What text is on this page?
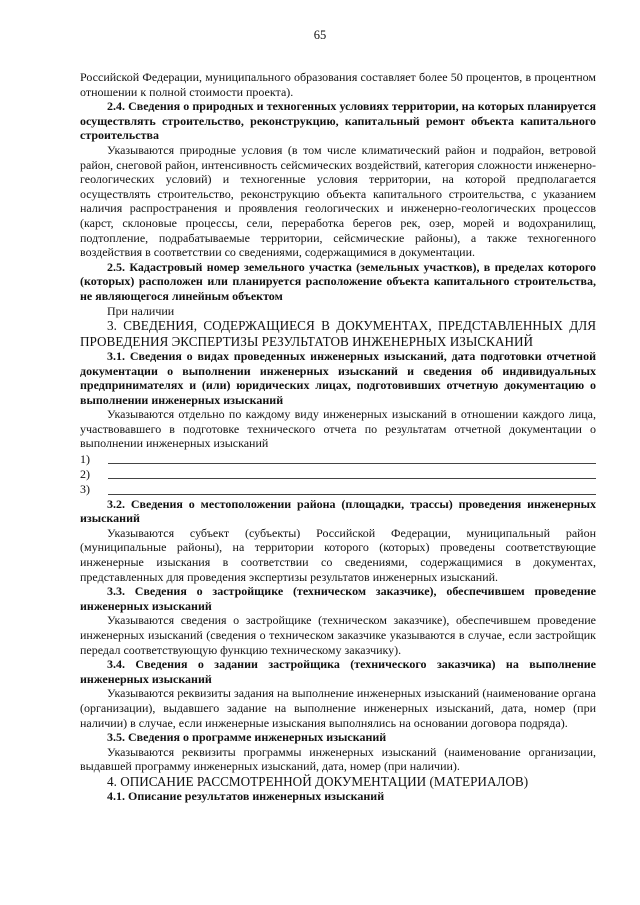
65

Российской Федерации, муниципального образования составляет более 50 процентов, в процентном отношении к полной стоимости проекта).

2.4. Сведения о природных и техногенных условиях территории, на которых планируется осуществлять строительство, реконструкцию, капитальный ремонт объекта капитального строительства

Указываются природные условия (в том числе климатический район и подрайон, ветровой район, снеговой район, интенсивность сейсмических воздействий, категория сложности инженерно-геологических условий) и техногенные условия территории, на которой предполагается осуществлять строительство, реконструкцию объекта капитального строительства, с указанием наличия распространения и проявления геологических и инженерно-геологических процессов (карст, склоновые процессы, сели, переработка берегов рек, озер, морей и водохранилищ, подтопление, подрабатываемые территории, сейсмические районы), а также техногенного воздействия в соответствии со сведениями, содержащимися в документации.

2.5. Кадастровый номер земельного участка (земельных участков), в пределах которого (которых) расположен или планируется расположение объекта капитального строительства, не являющегося линейным объектом

При наличии

3. СВЕДЕНИЯ, СОДЕРЖАЩИЕСЯ В ДОКУМЕНТАХ, ПРЕДСТАВЛЕННЫХ ДЛЯ ПРОВЕДЕНИЯ ЭКСПЕРТИЗЫ РЕЗУЛЬТАТОВ ИНЖЕНЕРНЫХ ИЗЫСКАНИЙ

3.1. Сведения о видах проведенных инженерных изысканий, дата подготовки отчетной документации о выполнении инженерных изысканий и сведения об индивидуальных предпринимателях и (или) юридических лицах, подготовивших отчетную документацию о выполнении инженерных изысканий

Указываются отдельно по каждому виду инженерных изысканий в отношении каждого лица, участвовавшего в подготовке технического отчета по результатам отчетной документации о выполнении инженерных изысканий

1)
2)
3)

3.2. Сведения о местоположении района (площадки, трассы) проведения инженерных изысканий

Указываются субъект (субъекты) Российской Федерации, муниципальный район (муниципальные районы), на территории которого (которых) проведены соответствующие инженерные изыскания в соответствии со сведениями, содержащимися в документах, представленных для проведения экспертизы результатов инженерных изысканий.

3.3. Сведения о застройщике (техническом заказчике), обеспечившем проведение инженерных изысканий

Указываются сведения о застройщике (техническом заказчике), обеспечившем проведение инженерных изысканий (сведения о техническом заказчике указываются в случае, если застройщик передал соответствующую функцию техническому заказчику).

3.4. Сведения о задании застройщика (технического заказчика) на выполнение инженерных изысканий

Указываются реквизиты задания на выполнение инженерных изысканий (наименование органа (организации), выдавшего задание на выполнение инженерных изысканий, дата, номер (при наличии) в случае, если инженерные изыскания выполнялись на основании договора подряда).

3.5. Сведения о программе инженерных изысканий

Указываются реквизиты программы инженерных изысканий (наименование организации, выдавшей программу инженерных изысканий, дата, номер (при наличии).

4. ОПИСАНИЕ РАССМОТРЕННОЙ ДОКУМЕНТАЦИИ (МАТЕРИАЛОВ)

4.1. Описание результатов инженерных изысканий
